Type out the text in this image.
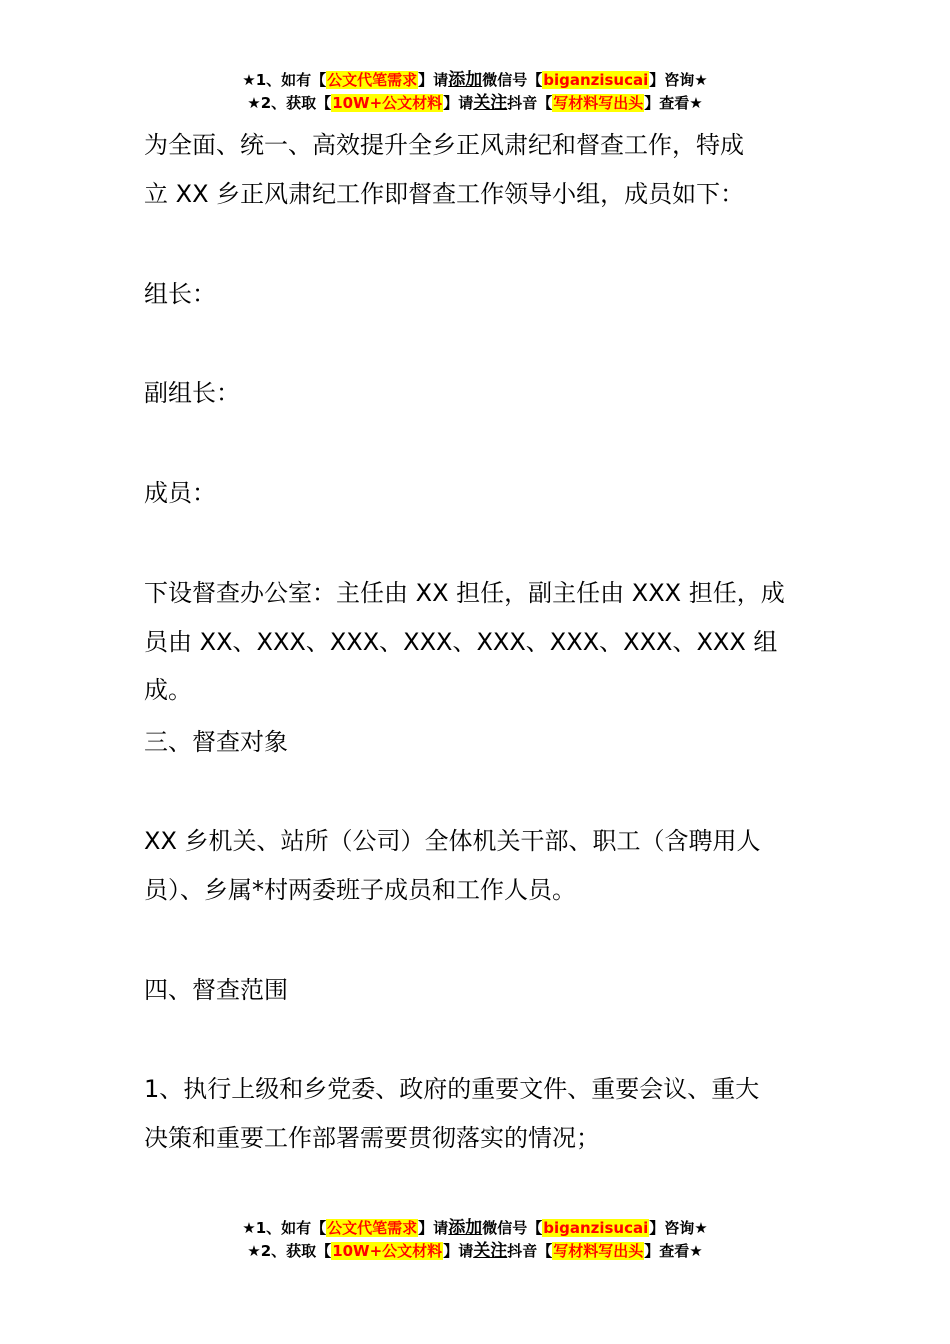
★1、如有【公文代笔需求】请添加微信号【biganzisucai】咨询★
★2、获取【10W+公文材料】请关注抖音【写材料写出头】查看★
为全面、统一、高效提升全乡正风肃纪和督查工作，特成
立 XX 乡正风肃纪工作即督查工作领导小组，成员如下：
组长：
副组长：
成员：
下设督查办公室：主任由 XX 担任，副主任由 XXX 担任，成
员由 XX、XXX、XXX、XXX、XXX、XXX、XXX、XXX 组成。
三、督查对象
XX 乡机关、站所（公司）全体机关干部、职工（含聘用人
员）、乡属*村两委班子成员和工作人员。
四、督查范围
1、执行上级和乡党委、政府的重要文件、重要会议、重大
决策和重要工作部署需要贯彻落实的情况；
★1、如有【公文代笔需求】请添加微信号【biganzisucai】咨询★
★2、获取【10W+公文材料】请关注抖音【写材料写出头】查看★
